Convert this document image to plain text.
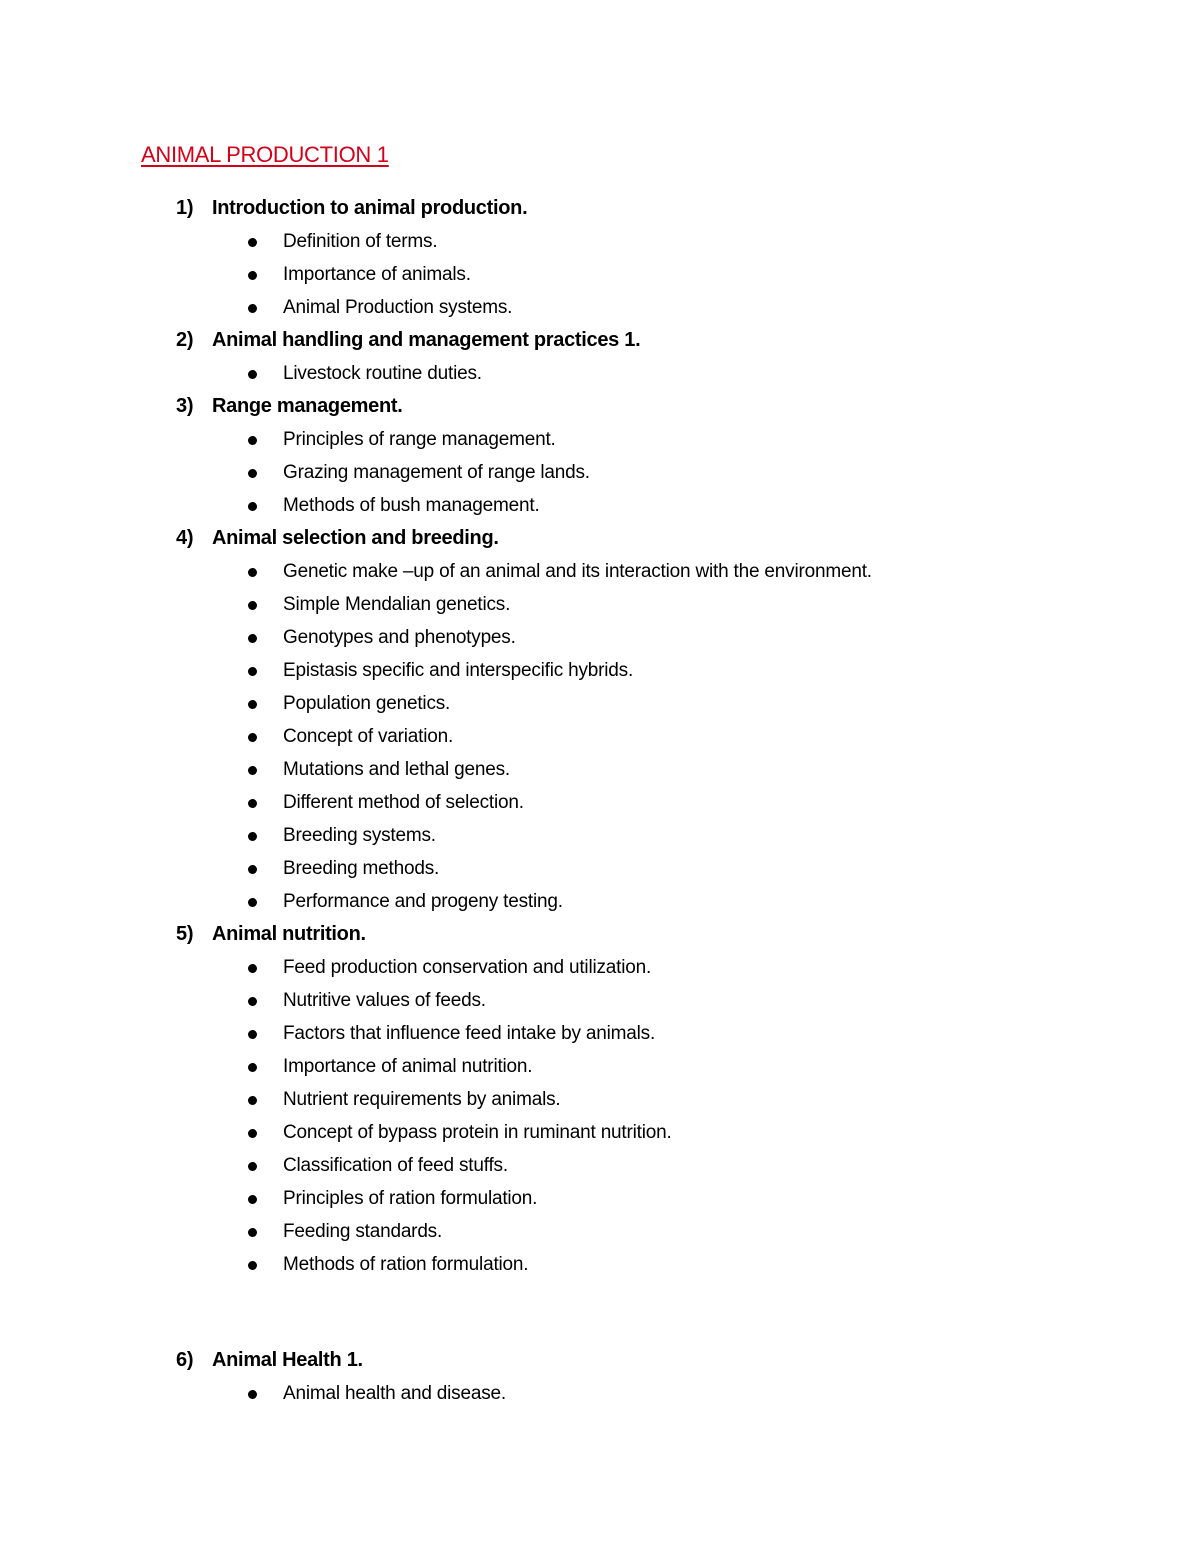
ANIMAL PRODUCTION 1
1) Introduction to animal production.
Definition of terms.
Importance of animals.
Animal Production systems.
2) Animal handling and management practices 1.
Livestock routine duties.
3) Range management.
Principles of range management.
Grazing management of range lands.
Methods of bush management.
4) Animal selection and breeding.
Genetic make –up of an animal and its interaction with the environment.
Simple Mendalian genetics.
Genotypes and phenotypes.
Epistasis specific and interspecific hybrids.
Population genetics.
Concept of variation.
Mutations and lethal genes.
Different method of selection.
Breeding systems.
Breeding methods.
Performance and progeny testing.
5) Animal nutrition.
Feed production conservation and utilization.
Nutritive values of feeds.
Factors that influence feed intake by animals.
Importance of animal nutrition.
Nutrient requirements by animals.
Concept of bypass protein in ruminant nutrition.
Classification of feed stuffs.
Principles of ration formulation.
Feeding standards.
Methods of ration formulation.
6) Animal Health 1.
Animal health and disease.
